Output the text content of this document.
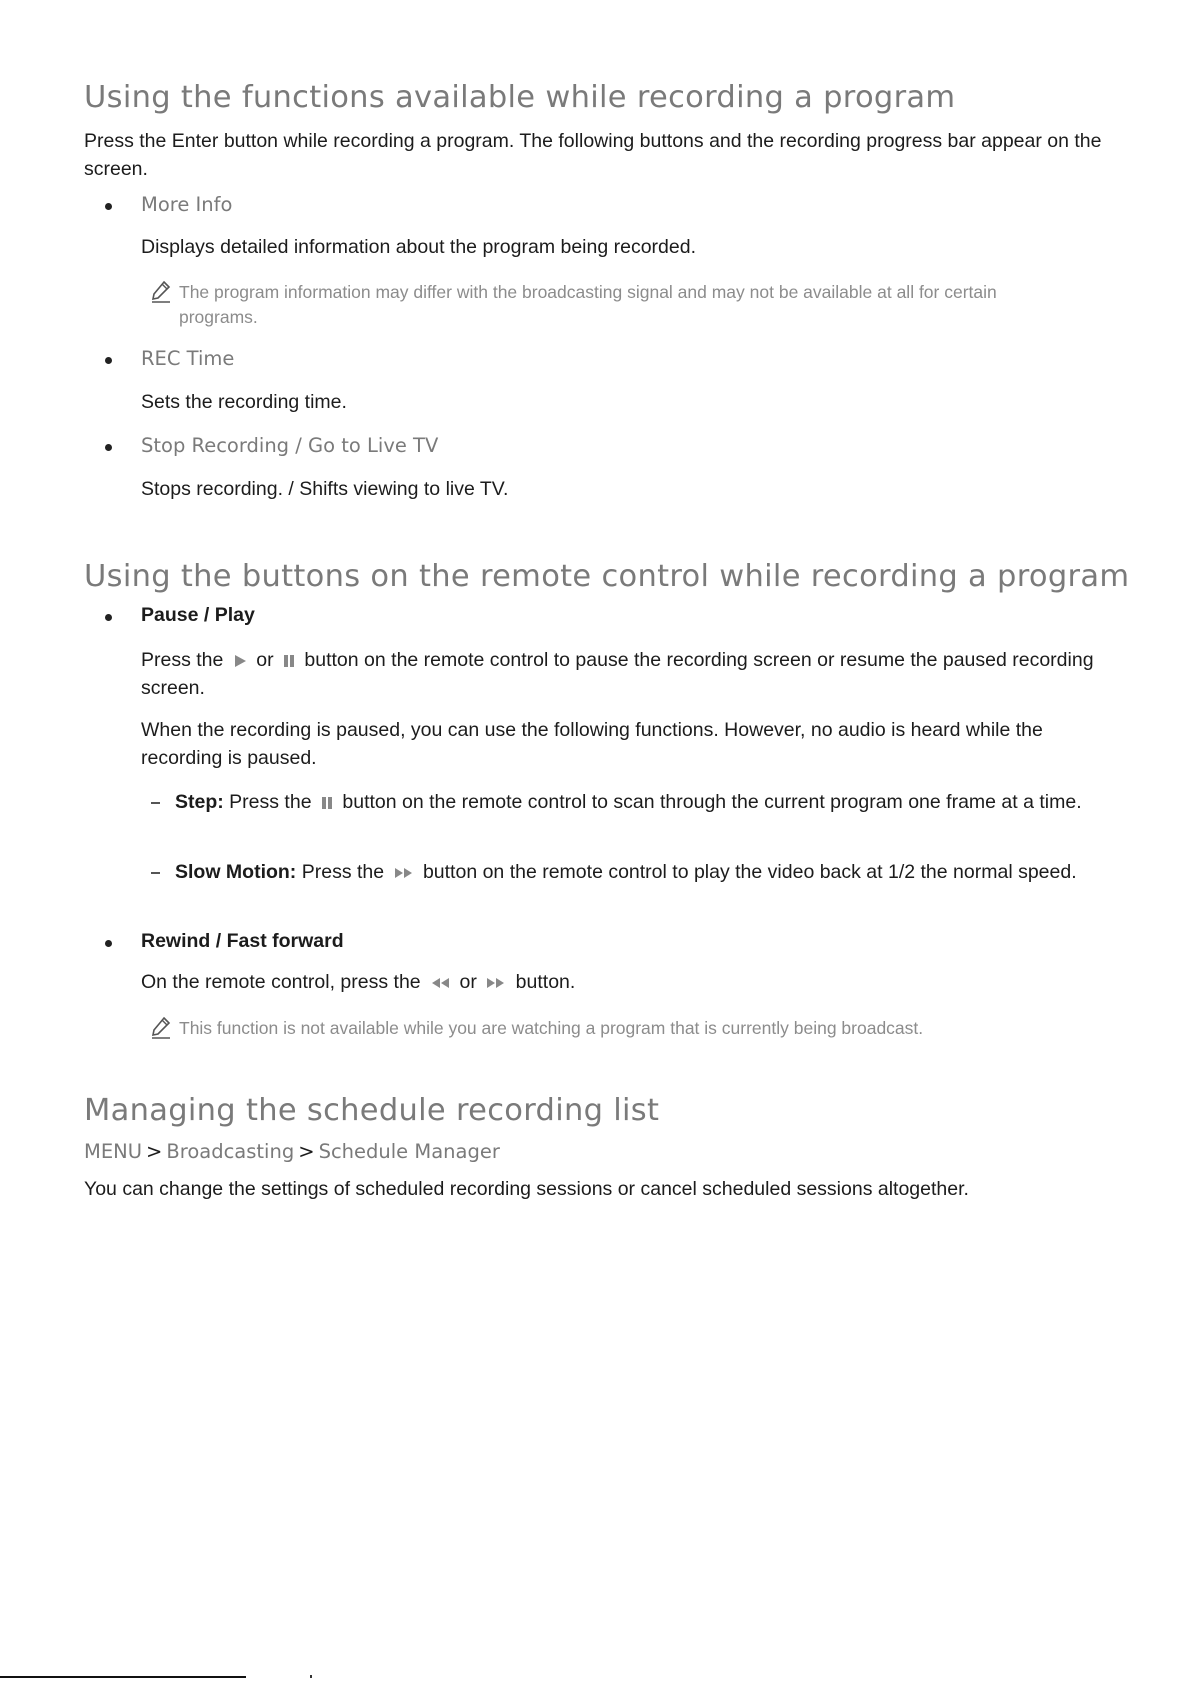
Using the functions available while recording a program

Press the Enter button while recording a program. The following buttons and the recording progress bar appear on the screen.

More Info

Displays detailed information about the program being recorded.

The program information may differ with the broadcasting signal and may not be available at all for certain programs.

REC Time

Sets the recording time.

Stop Recording / Go to Live TV

Stops recording. / Shifts viewing to live TV.

Using the buttons on the remote control while recording a program

Pause / Play

Press the or button on the remote control to pause the recording screen or resume the paused recording screen.

When the recording is paused, you can use the following functions. However, no audio is heard while the recording is paused.

Step: Press the button on the remote control to scan through the current program one frame at a time.

Slow Motion: Press the button on the remote control to play the video back at 1/2 the normal speed.

Rewind / Fast forward

On the remote control, press the or button.

This function is not available while you are watching a program that is currently being broadcast.

Managing the schedule recording list

MENU > Broadcasting > Schedule Manager

You can change the settings of scheduled recording sessions or cancel scheduled sessions altogether.
